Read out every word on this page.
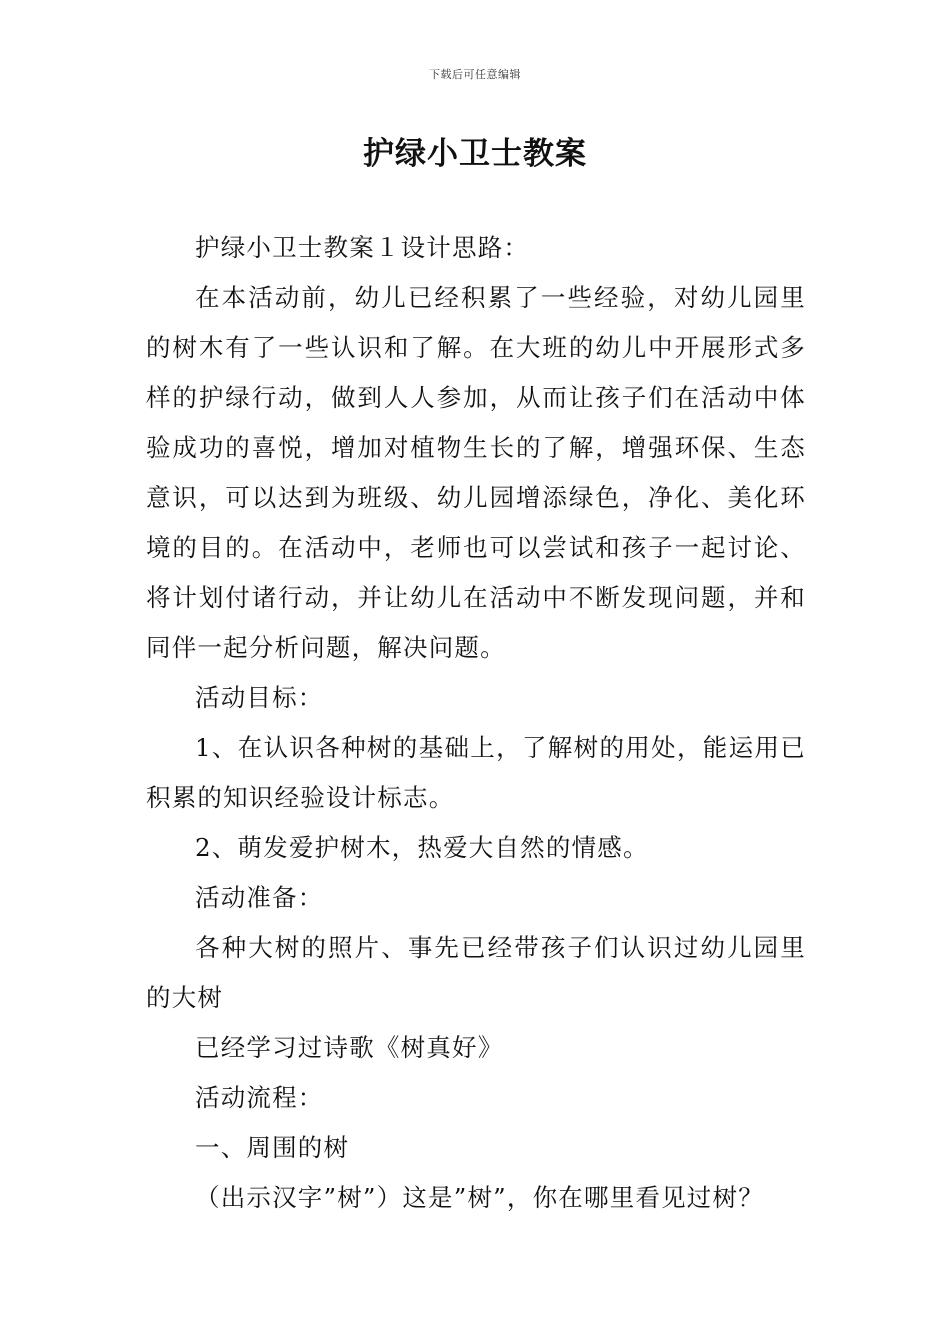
下载后可任意编辑
护绿小卫士教案

护绿小卫士教案１设计思路：

在本活动前，幼儿已经积累了一些经验，对幼儿园里的树木有了一些认识和了解。在大班的幼儿中开展形式多样的护绿行动，做到人人参加，从而让孩子们在活动中体验成功的喜悦，增加对植物生长的了解，增强环保、生态意识，可以达到为班级、幼儿园增添绿色，净化、美化环境的目的。在活动中，老师也可以尝试和孩子一起讨论、将计划付诸行动，并让幼儿在活动中不断发现问题，并和同伴一起分析问题，解决问题。

活动目标：

1、在认识各种树的基础上，了解树的用处，能运用已积累的知识经验设计标志。

2、萌发爱护树木，热爱大自然的情感。

活动准备：

各种大树的照片、事先已经带孩子们认识过幼儿园里的大树

已经学习过诗歌《树真好》

活动流程：

一、周围的树

（出示汉字”树”）这是”树”，你在哪里看见过树？
